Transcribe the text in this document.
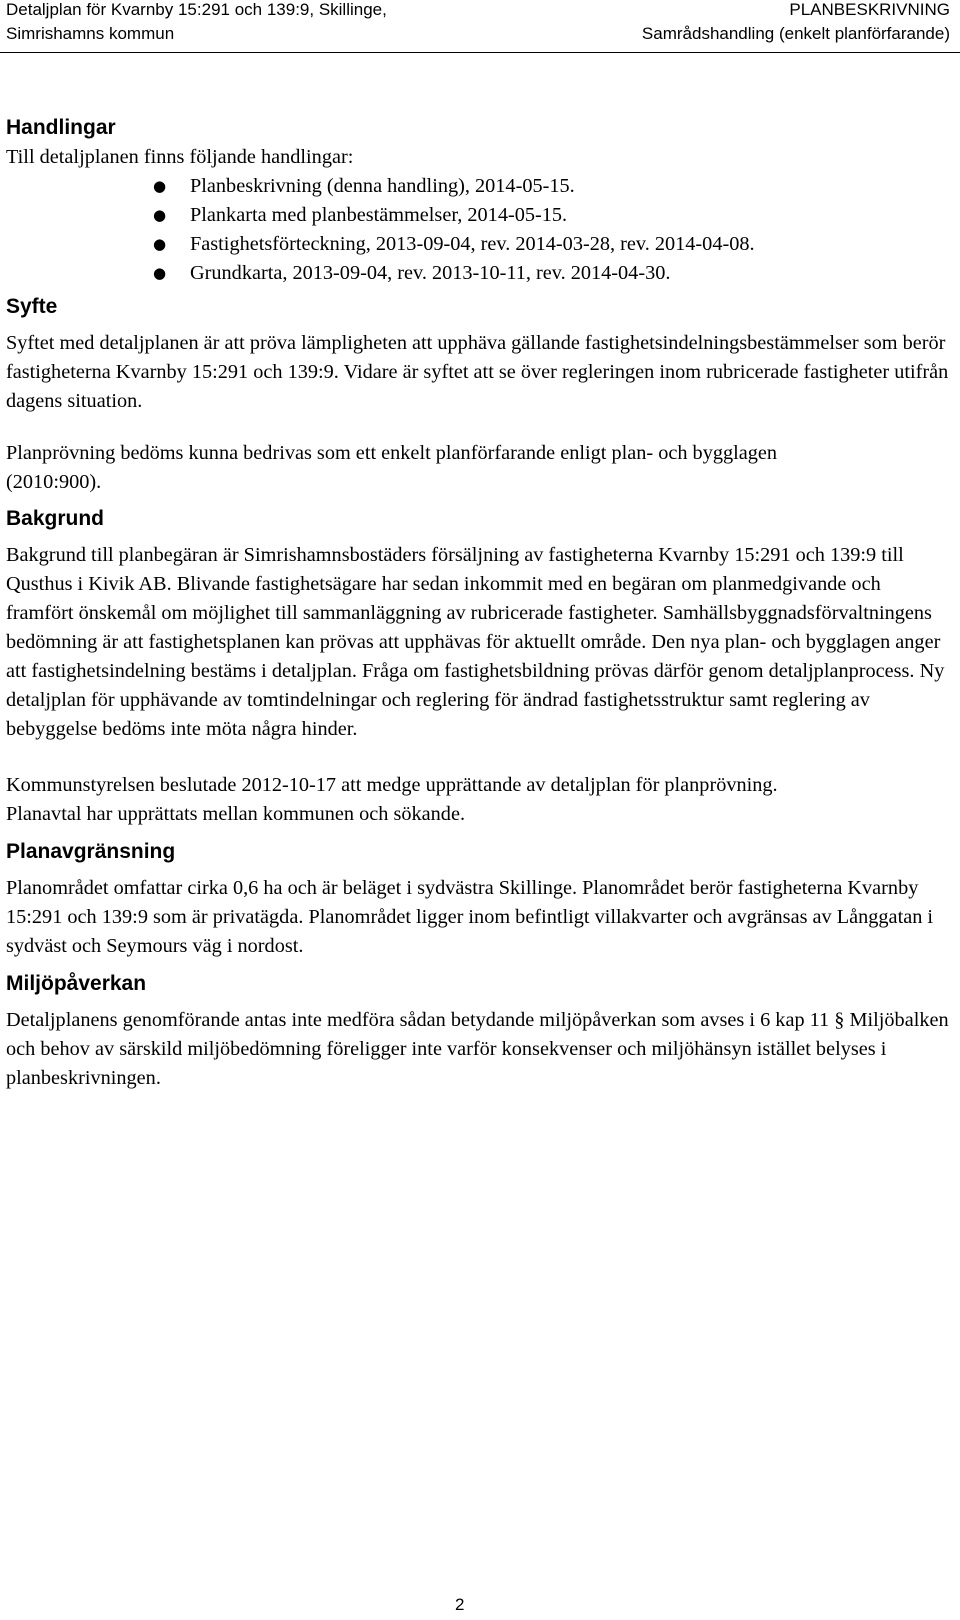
Detaljplan för Kvarnby 15:291 och 139:9, Skillinge,
Simrishamns kommun
PLANBESKRIVNING
Samrådshandling (enkelt planförfarande)
Handlingar

Till detaljplanen finns följande handlingar:

● Planbeskrivning (denna handling), 2014-05-15.
● Plankarta med planbestämmelser, 2014-05-15.
● Fastighetsförteckning, 2013-09-04, rev. 2014-03-28, rev. 2014-04-08.
● Grundkarta, 2013-09-04, rev. 2013-10-11, rev. 2014-04-30.
Syfte

Syftet med detaljplanen är att pröva lämpligheten att upphäva gällande fastighetsindelningsbestämmelser som berör fastigheterna Kvarnby 15:291 och 139:9. Vidare är syftet att se över regleringen inom rubricerade fastigheter utifrån dagens situation.

Planprövning bedöms kunna bedrivas som ett enkelt planförfarande enligt plan- och bygglagen (2010:900).

Bakgrund

Bakgrund till planbegäran är Simrishamnsbostäders försäljning av fastigheterna Kvarnby 15:291 och 139:9 till Qusthus i Kivik AB. Blivande fastighetsägare har sedan inkommit med en begäran om planmedgivande och framfört önskemål om möjlighet till sammanläggning av rubricerade fastigheter. Samhällsbyggnadsförvaltningens bedömning är att fastighetsplanen kan prövas att upphävas för aktuellt område. Den nya plan- och bygglagen anger att fastighetsindelning bestäms i detaljplan. Fråga om fastighetsbildning prövas därför genom detaljplanprocess. Ny detaljplan för upphävande av tomtindelningar och reglering för ändrad fastighetsstruktur samt reglering av bebyggelse bedöms inte möta några hinder.

Kommunstyrelsen beslutade 2012-10-17 att medge upprättande av detaljplan för planprövning. Planavtal har upprättats mellan kommunen och sökande.

Planavgränsning

Planområdet omfattar cirka 0,6 ha och är beläget i sydvästra Skillinge. Planområdet berör fastigheterna Kvarnby 15:291 och 139:9 som är privatägda. Planområdet ligger inom befintligt villakvarter och avgränsas av Långgatan i sydväst och Seymours väg i nordost.

Miljöpåverkan

Detaljplanens genomförande antas inte medföra sådan betydande miljöpåverkan som avses i 6 kap 11 § Miljöbalken och behov av särskild miljöbedömning föreligger inte varför konsekvenser och miljöhänsyn istället belyses i planbeskrivningen.

2
